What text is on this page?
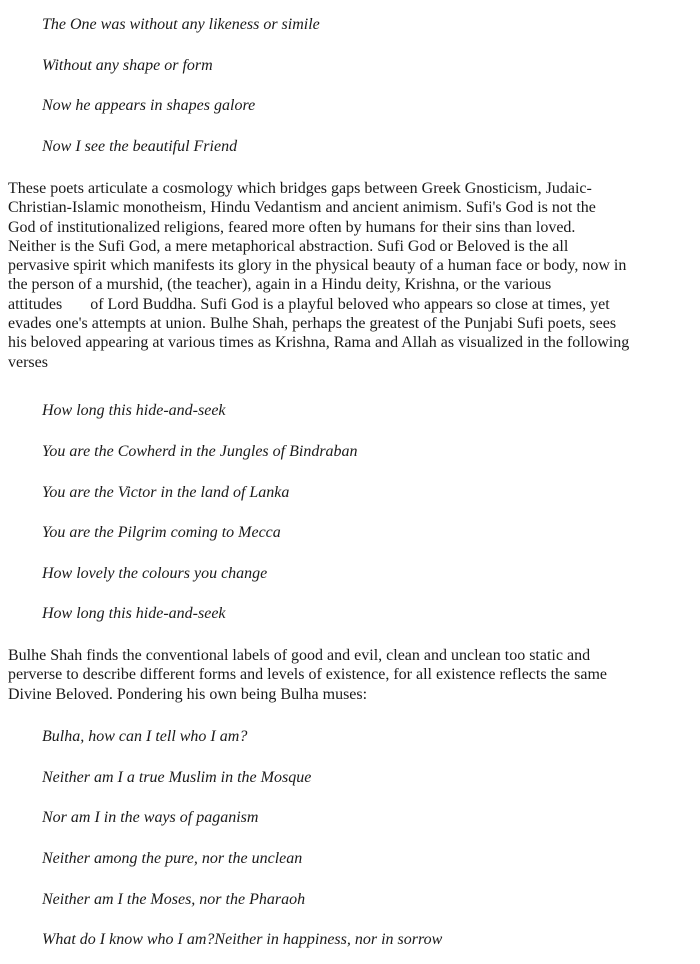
The One was without any likeness or simile

Without any shape or form

Now he appears in shapes galore

Now I see the beautiful Friend

These poets articulate a cosmology which bridges gaps between Greek Gnosticism, Judaic-
Christian-Islamic monotheism, Hindu Vedantism and ancient animism. Sufi's God is not the
God of institutionalized religions, feared more often by humans for their sins than loved.
Neither is the Sufi God, a mere metaphorical abstraction. Sufi God or Beloved is the all
pervasive spirit which manifests its glory in the physical beauty of a human face or body, now in
the person of a murshid, (the teacher), again in a Hindu deity, Krishna, or the various
attitudes       of Lord Buddha. Sufi God is a playful beloved who appears so close at times, yet
evades one's attempts at union. Bulhe Shah, perhaps the greatest of the Punjabi Sufi poets, sees
his beloved appearing at various times as Krishna, Rama and Allah as visualized in the following
verses

How long this hide-and-seek

You are the Cowherd in the Jungles of Bindraban

You are the Victor in the land of Lanka

You are the Pilgrim coming to Mecca

How lovely the colours you change

How long this hide-and-seek

Bulhe Shah finds the conventional labels of good and evil, clean and unclean too static and
perverse to describe different forms and levels of existence, for all existence reflects the same
Divine Beloved. Pondering his own being Bulha muses:

Bulha, how can I tell who I am?

Neither am I a true Muslim in the Mosque

Nor am I in the ways of paganism

Neither among the pure, nor the unclean

Neither am I the Moses, nor the Pharaoh

What do I know who I am?Neither in happiness, nor in sorrow
